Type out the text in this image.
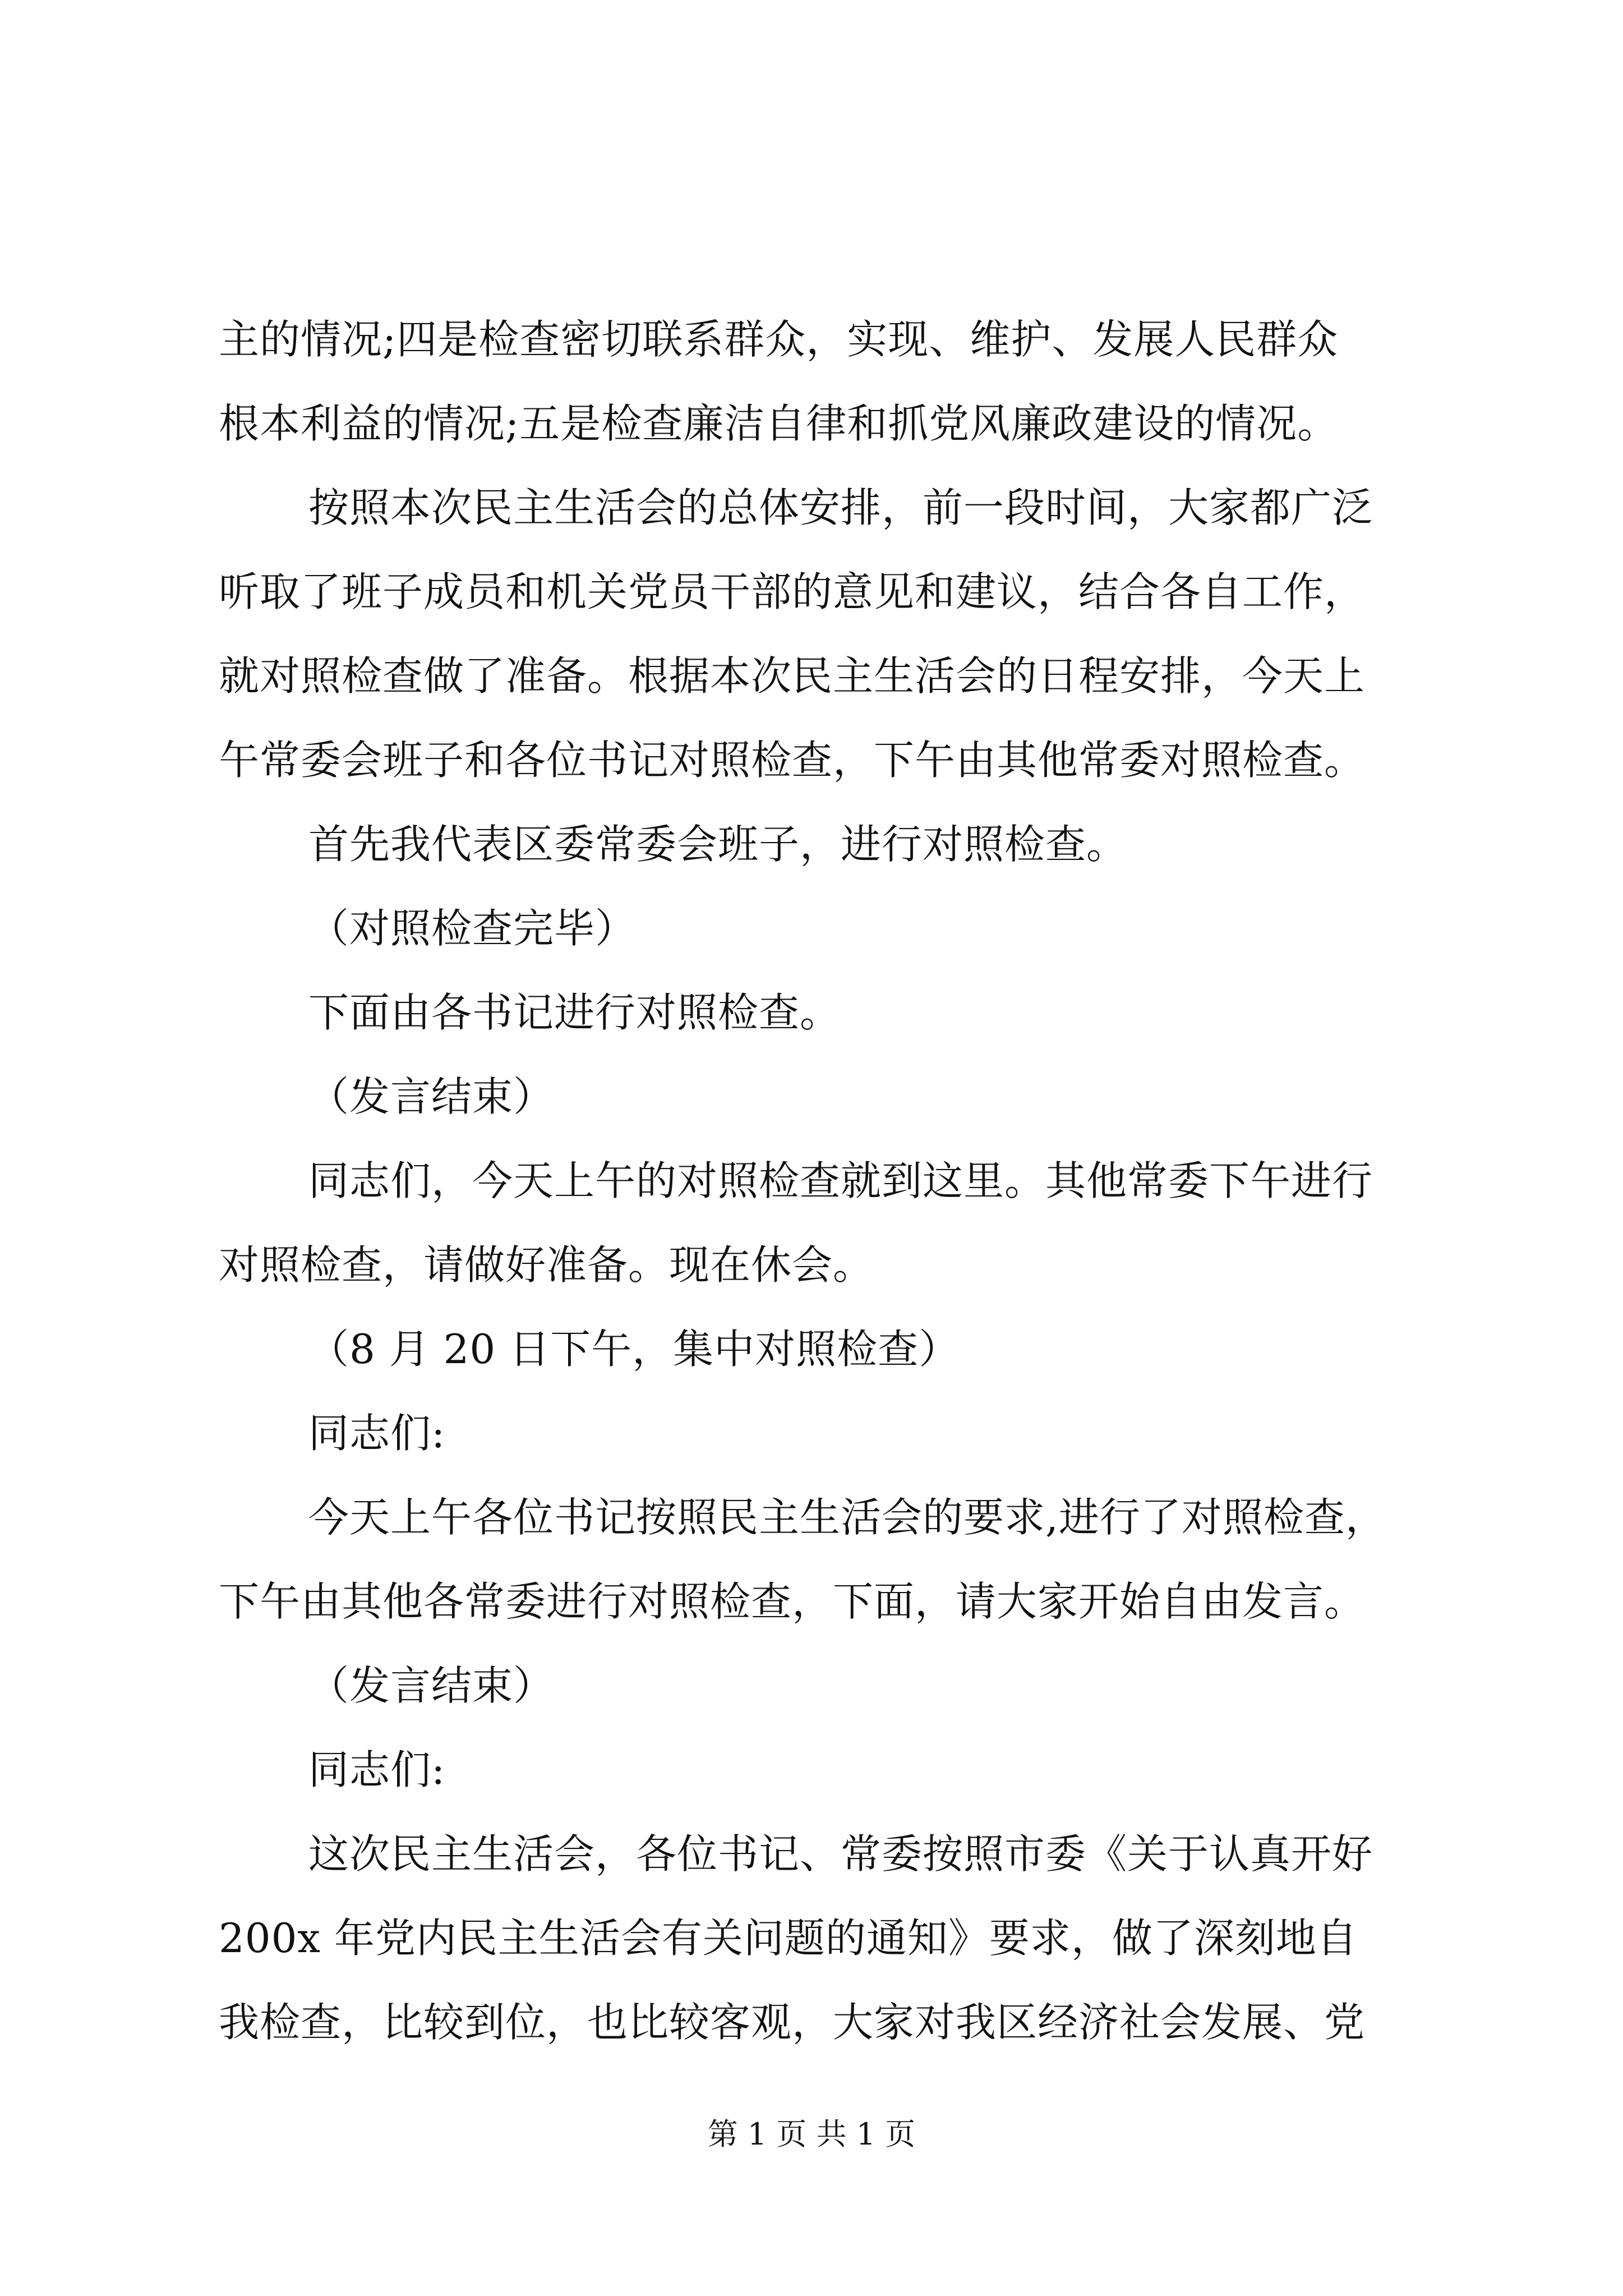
主的情况;四是检查密切联系群众，实现、维护、发展人民群众

根本利益的情况;五是检查廉洁自律和抓党风廉政建设的情况。

按照本次民主生活会的总体安排，前一段时间，大家都广泛

听取了班子成员和机关党员干部的意见和建议，结合各自工作，

就对照检查做了准备。根据本次民主生活会的日程安排，今天上

午常委会班子和各位书记对照检查，下午由其他常委对照检查。

首先我代表区委常委会班子，进行对照检查。

（对照检查完毕）

下面由各书记进行对照检查。

（发言结束）

同志们，今天上午的对照检查就到这里。其他常委下午进行

对照检查，请做好准备。现在休会。

（8 月 20 日下午，集中对照检查）

同志们:

今天上午各位书记按照民主生活会的要求,进行了对照检查，

下午由其他各常委进行对照检查，下面，请大家开始自由发言。

（发言结束）

同志们:

这次民主生活会，各位书记、常委按照市委《关于认真开好

200x 年党内民主生活会有关问题的通知》要求，做了深刻地自

我检查，比较到位，也比较客观，大家对我区经济社会发展、党

第 1 页 共 1 页
